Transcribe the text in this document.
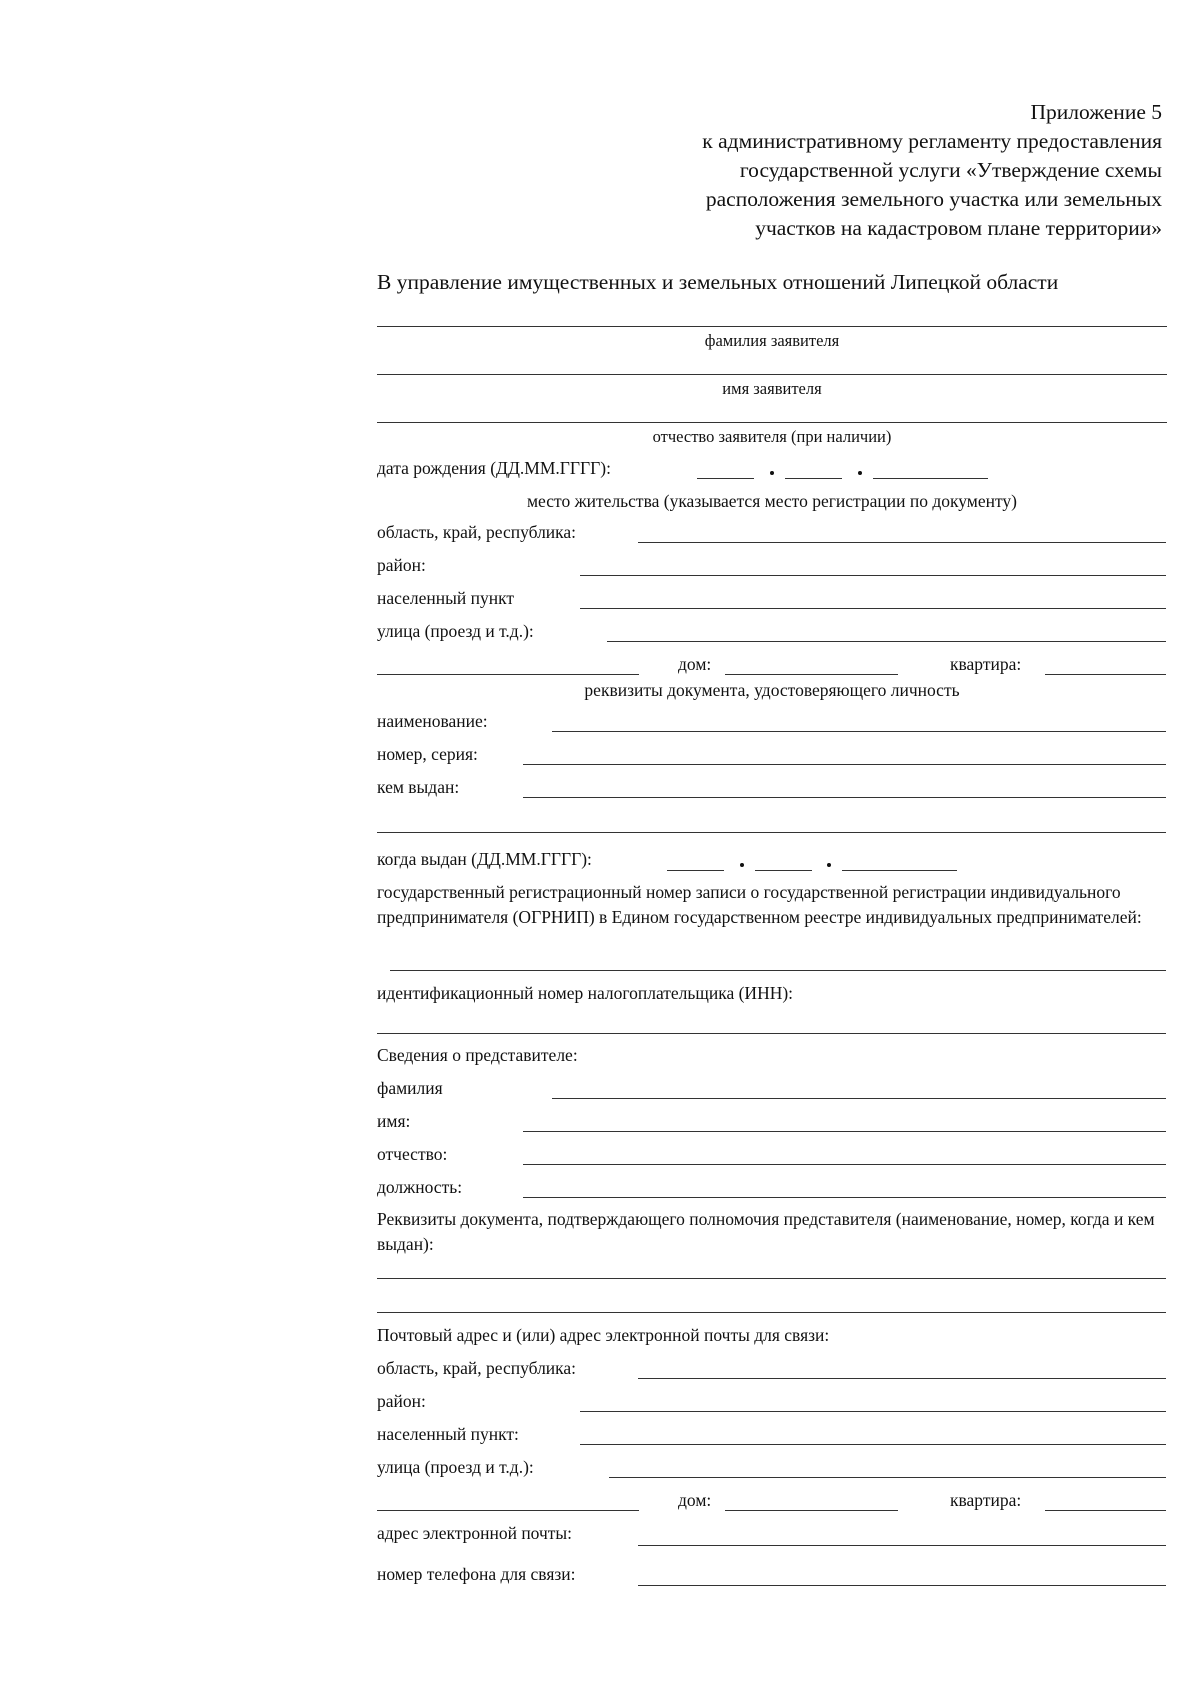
Приложение 5
к административному регламенту предоставления
государственной услуги «Утверждение схемы
расположения земельного участка или земельных
участков на кадастровом плане территории»
В управление имущественных и земельных отношений Липецкой области
фамилия заявителя
имя заявителя
отчество заявителя (при наличии)
дата рождения (ДД.ММ.ГГГГ):
место жительства (указывается место регистрации по документу)
область, край, республика:
район:
населенный пункт
улица (проезд и т.д.):
дом:	квартира:
реквизиты документа, удостоверяющего личность
наименование:
номер, серия:
кем выдан:
когда выдан (ДД.ММ.ГГГГ):
государственный регистрационный номер записи о государственной регистрации индивидуального предпринимателя (ОГРНИП) в Едином государственном реестре индивидуальных предпринимателей:
идентификационный номер налогоплательщика (ИНН):
Сведения о представителе:
фамилия
имя:
отчество:
должность:
Реквизиты документа, подтверждающего полномочия представителя (наименование, номер, когда и кем выдан):
Почтовый адрес и (или) адрес электронной почты для связи:
область, край, республика:
район:
населенный пункт:
улица (проезд и т.д.):
дом:	квартира:
адрес электронной почты:
номер телефона для связи:
